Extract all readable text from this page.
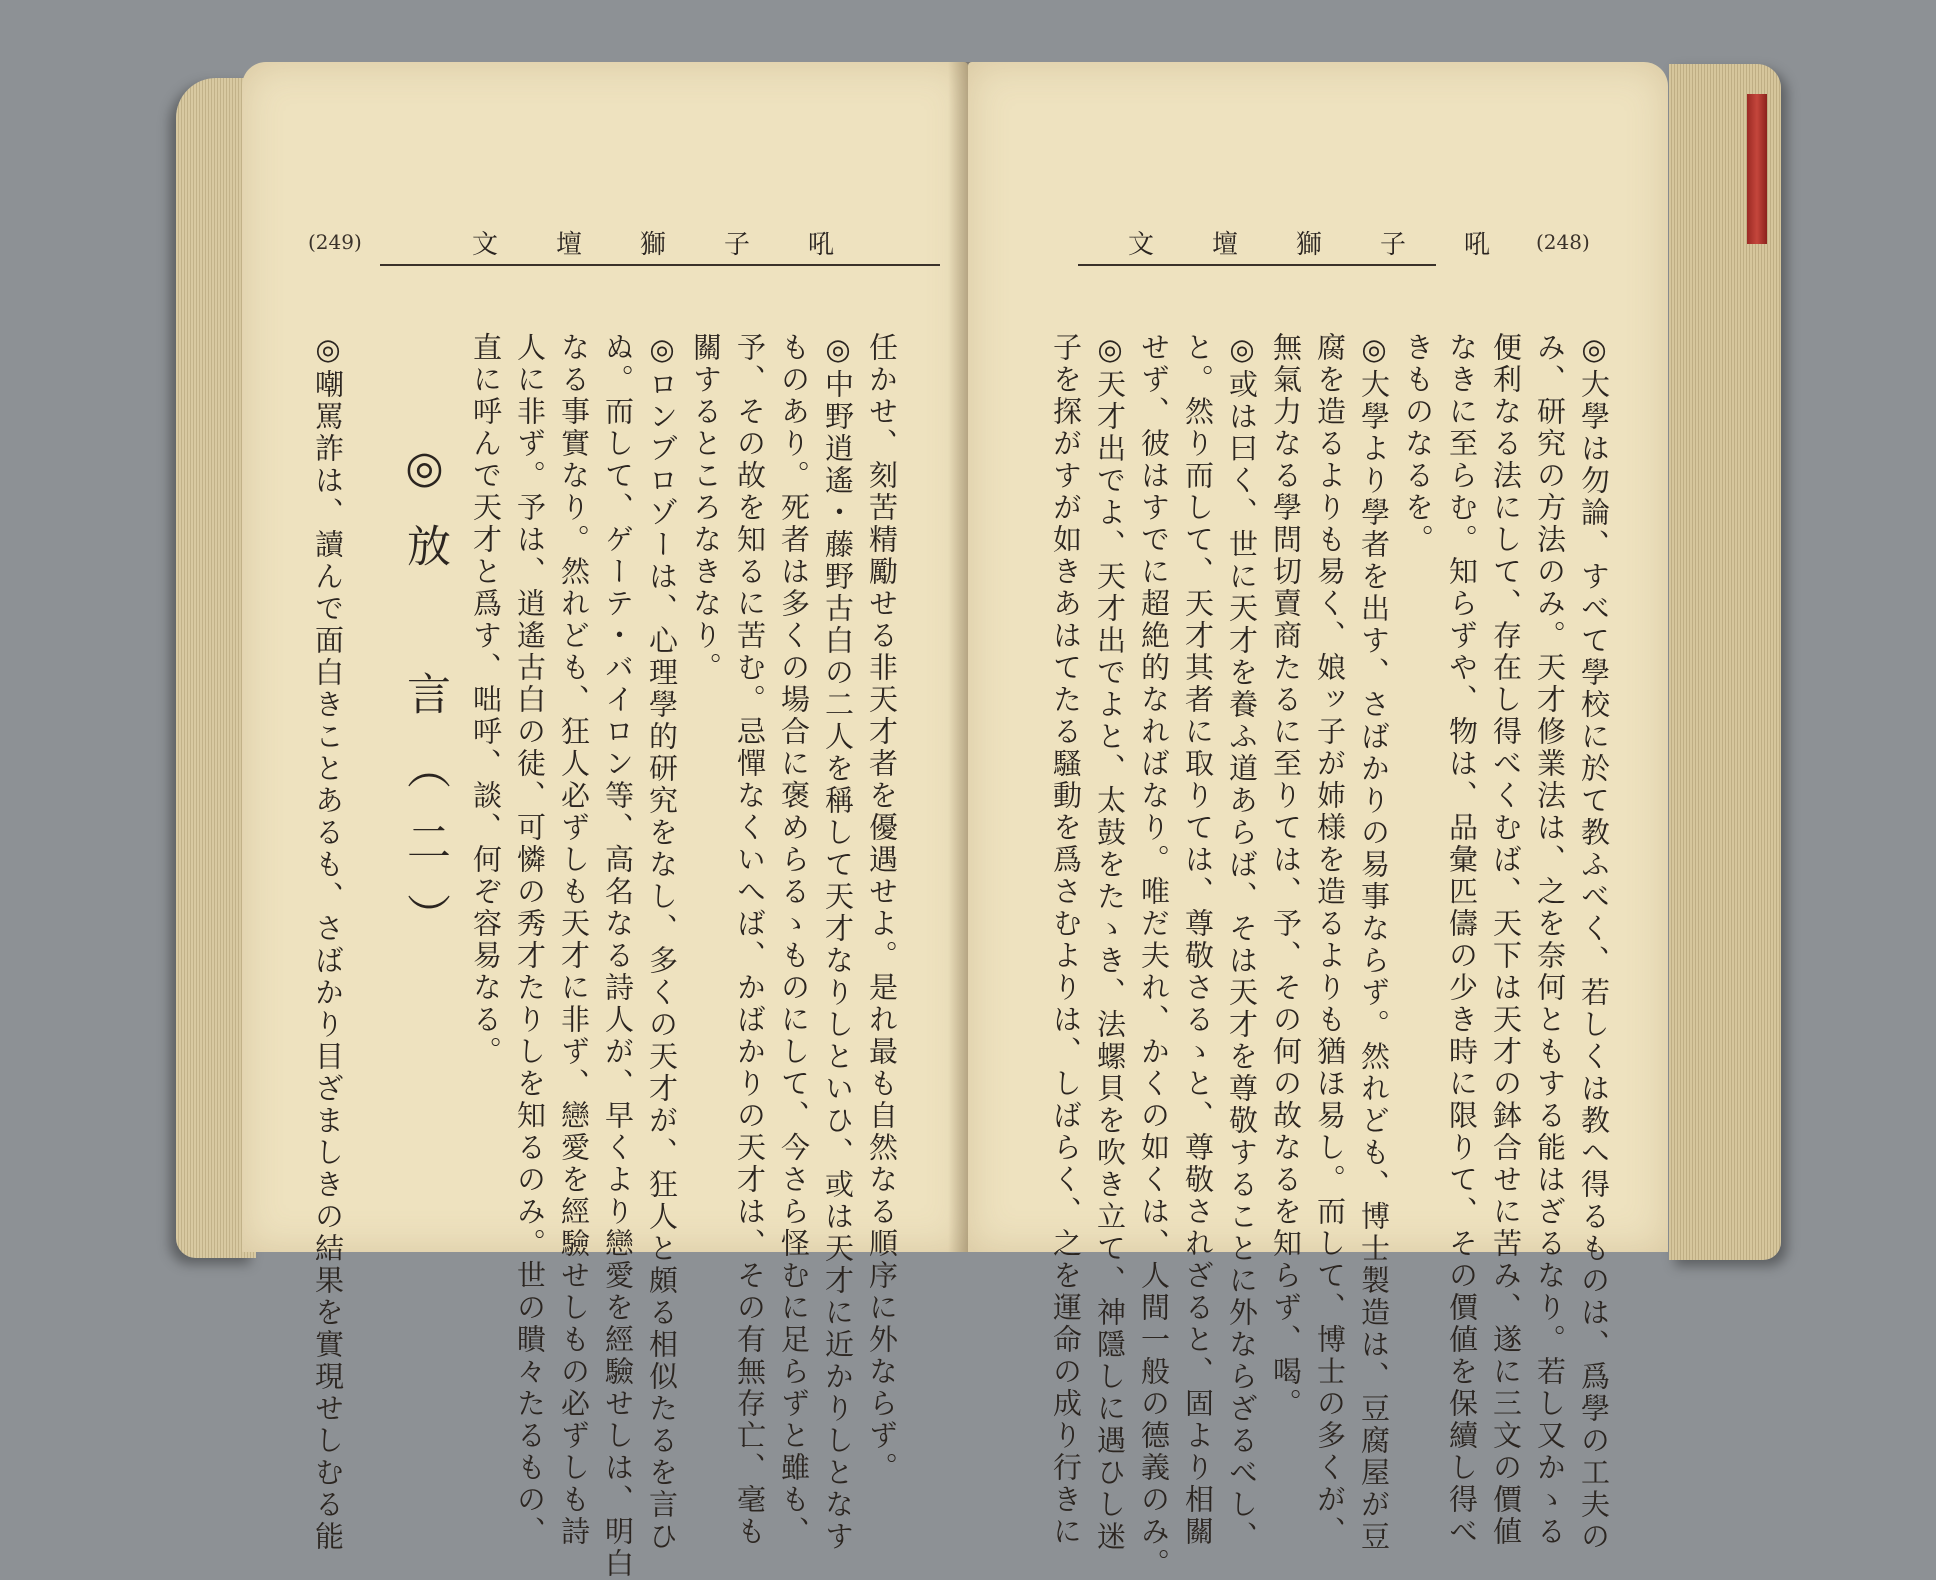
(249)	文壇獅子吼
任かせ、刻苦精勵せる非天才者を優遇せよ。是れ最も自然なる順序に外ならず。
◎中野逍遙・藤野古白の二人を稱して天才なりしといひ、或は天才に近かりしとなす
ものあり。死者は多くの場合に褒めらるゝものにして、今さら怪むに足らずと雖も、
予、その故を知るに苦む。忌憚なくいへば、かばかりの天才は、その有無存亡、毫も
關するところなきなり。
◎ロンブロゾーは、心理學的研究をなし、多くの天才が、狂人と頗る相似たるを言ひ
ぬ。而して、ゲーテ・バイロン等、高名なる詩人が、早くより戀愛を經驗せしは、明白
なる事實なり。然れども、狂人必ずしも天才に非ず、戀愛を經驗せしもの必ずしも詩
人に非ず。予は、逍遙古白の徒、可憐の秀才たりしを知るのみ。世の瞶々たるもの、
直に呼んで天才と爲す、咄呼、談、何ぞ容易なる。
◎放　言（二）
◎嘲罵詐は、讀んで面白きことあるも、さばかり目ざましきの結果を實現せしむる能
文壇獅子吼
(248)
◎大學は勿論、すべて學校に於て教ふべく、若しくは教へ得るものは、爲學の工夫の
み、研究の方法のみ。天才修業法は、之を奈何ともする能はざるなり。若し又かゝる
便利なる法にして、存在し得べくむば、天下は天才の鉢合せに苦み、遂に三文の價値
なきに至らむ。知らずや、物は、品彙匹儔の少き時に限りて、その價値を保續し得べ
きものなるを。
◎大學より學者を出す、さばかりの易事ならず。然れども、博士製造は、豆腐屋が豆
腐を造るよりも易く、娘ッ子が姉様を造るよりも猶ほ易し。而して、博士の多くが、
無氣力なる學問切賣商たるに至りては、予、その何の故なるを知らず、喝。
◎或は曰く、世に天才を養ふ道あらば、そは天才を尊敬することに外ならざるべし、
と。然り而して、天才其者に取りては、尊敬さるゝと、尊敬されざると、固より相關
せず、彼はすでに超絶的なればなり。唯だ夫れ、かくの如くは、人間一般の德義のみ。
◎天才出でよ、天才出でよと、太鼓をたゝき、法螺貝を吹き立て、神隱しに遇ひし迷
子を探がすが如きあはてたる騷動を爲さむよりは、しばらく、之を運命の成り行きに
